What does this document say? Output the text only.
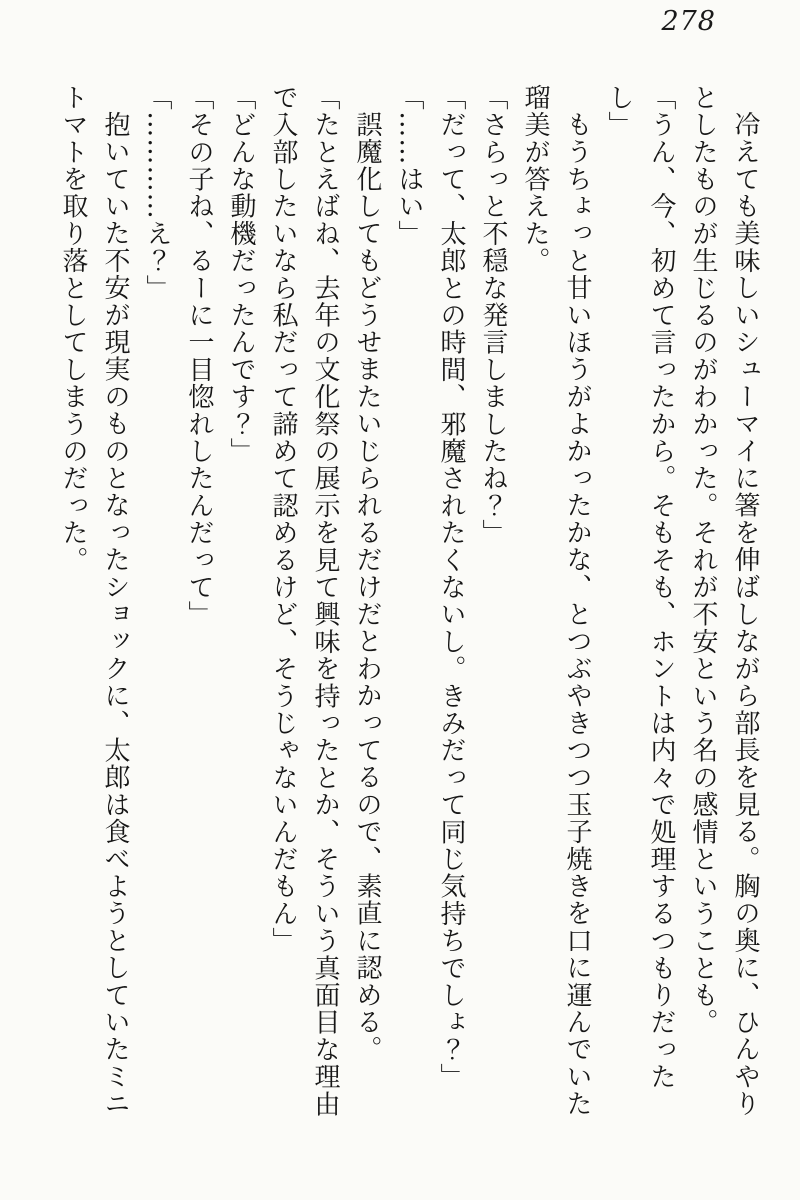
278

冷えても美味しいシューマイに箸を伸ばしながら部長を見る。胸の奥に、ひんやり

としたものが生じるのがわかった。それが不安という名の感情ということも。

「うん、今、初めて言ったから。そもそも、ホントは内々で処理するつもりだった

し」

もうちょっと甘いほうがよかったかな、とつぶやきつつ玉子焼きを口に運んでいた

瑠美が答えた。

「さらっと不穏な発言しましたね？」

「だって、太郎との時間、邪魔されたくないし。きみだって同じ気持ちでしょ？」

「……はい」

誤魔化してもどうせまたいじられるだけだとわかってるので、素直に認める。

「たとえばね、去年の文化祭の展示を見て興味を持ったとか、そういう真面目な理由

で入部したいなら私だって諦めて認めるけど、そうじゃないんだもん」

「どんな動機だったんです？」

「その子ね、るーに一目惚れしたんだって」

「…………え？」

抱いていた不安が現実のものとなったショックに、太郎は食べようとしていたミニ

トマトを取り落としてしまうのだった。
